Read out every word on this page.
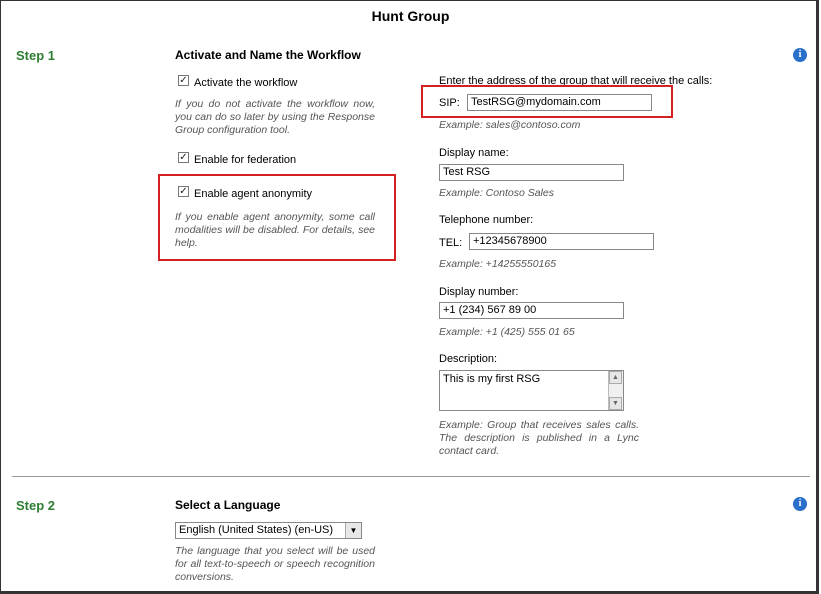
Hunt Group
Step 1	Activate and Name the Workflow	i
✓ Activate the workflow
If you do not activate the workflow now, you can do so later by using the Response Group configuration tool.
✓ Enable for federation
✓ Enable agent anonymity
If you enable agent anonymity, some call modalities will be disabled. For details, see help.
Enter the address of the group that will receive the calls:
SIP:	TestRSG@mydomain.com
Example: sales@contoso.com
Display name:
Test RSG
Example: Contoso Sales
Telephone number:
TEL: +12345678900
Example: +14255550165
Display number:
+1 (234) 567 89 00
Example: +1 (425) 555 01 65
Description:
This is my first RSG	▲
▼
Example: Group that receives sales calls. The description is published in a Lync contact card.
Step 2	Select a Language	i
English (United States) (en-US)	▼
The language that you select will be used for all text-to-speech or speech recognition conversions.
